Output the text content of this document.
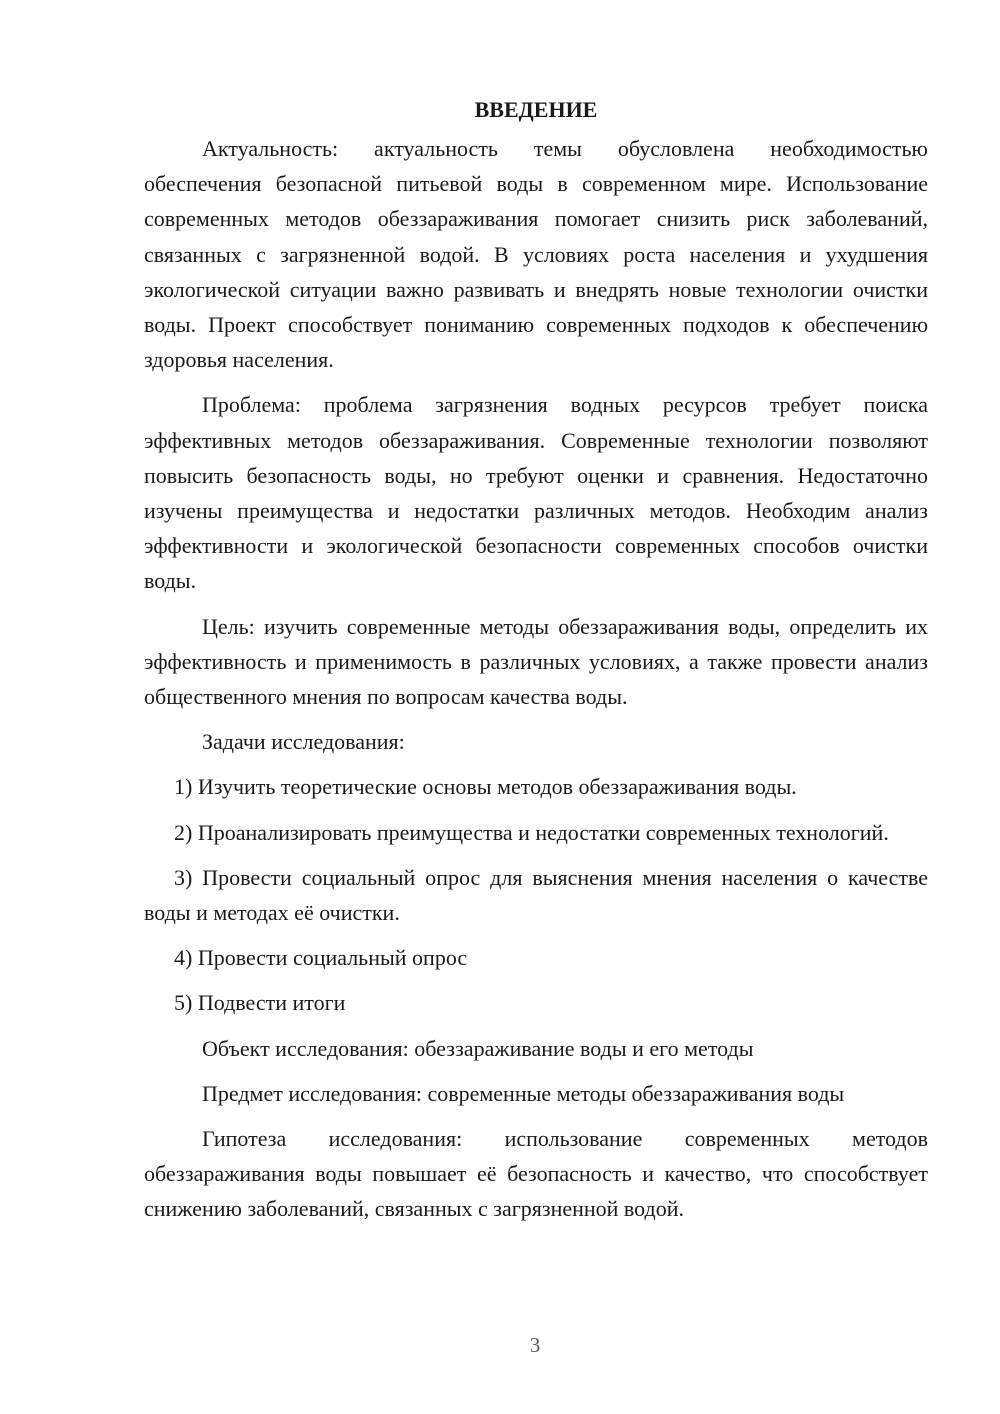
ВВЕДЕНИЕ

Актуальность: актуальность темы обусловлена необходимостью обеспечения безопасной питьевой воды в современном мире. Использование современных методов обеззараживания помогает снизить риск заболеваний, связанных с загрязненной водой. В условиях роста населения и ухудшения экологической ситуации важно развивать и внедрять новые технологии очистки воды. Проект способствует пониманию современных подходов к обеспечению здоровья населения.

Проблема: проблема загрязнения водных ресурсов требует поиска эффективных методов обеззараживания. Современные технологии позволяют повысить безопасность воды, но требуют оценки и сравнения. Недостаточно изучены преимущества и недостатки различных методов. Необходим анализ эффективности и экологической безопасности современных способов очистки воды.

Цель: изучить современные методы обеззараживания воды, определить их эффективность и применимость в различных условиях, а также провести анализ общественного мнения по вопросам качества воды.

Задачи исследования:

1) Изучить теоретические основы методов обеззараживания воды.

2) Проанализировать преимущества и недостатки современных технологий.

3) Провести социальный опрос для выяснения мнения населения о качестве воды и методах её очистки.

4) Провести социальный опрос

5) Подвести итоги

Объект исследования: обеззараживание воды и его методы

Предмет исследования: современные методы обеззараживания воды

Гипотеза исследования: использование современных методов обеззараживания воды повышает её безопасность и качество, что способствует снижению заболеваний, связанных с загрязненной водой.

3
